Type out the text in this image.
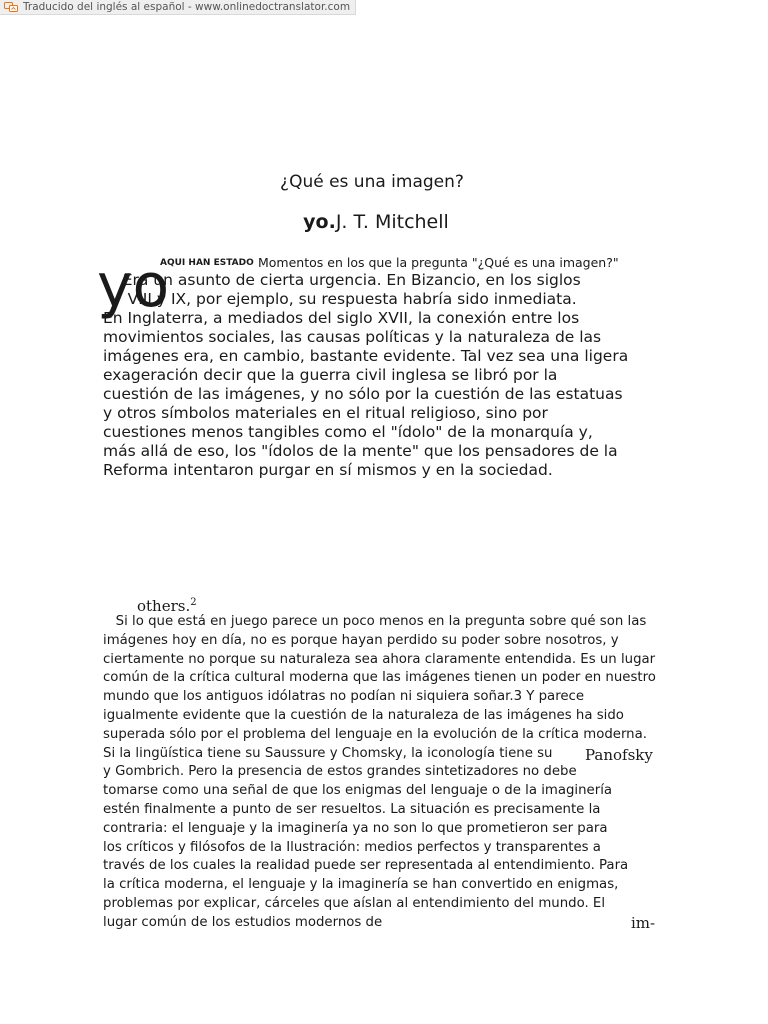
Traducido del inglés al español - www.onlinedoctranslator.com
¿Qué es una imagen?
yo.J. T. Mitchell
yo
AQUI HAN ESTADO Momentos en los que la pregunta "¿Qué es una imagen?"
Era un asunto de cierta urgencia. En Bizancio, en los siglos
VIII y IX, por ejemplo, su respuesta habría sido inmediata.
En Inglaterra, a mediados del siglo XVII, la conexión entre los
movimientos sociales, las causas políticas y la naturaleza de las
imágenes era, en cambio, bastante evidente. Tal vez sea una ligera
exageración decir que la guerra civil inglesa se libró por la
cuestión de las imágenes, y no sólo por la cuestión de las estatuas
y otros símbolos materiales en el ritual religioso, sino por
cuestiones menos tangibles como el "ídolo" de la monarquía y,
más allá de eso, los "ídolos de la mente" que los pensadores de la
Reforma intentaron purgar en sí mismos y en la sociedad.
others.$^2$
Si lo que está en juego parece un poco menos en la pregunta sobre qué son las
imágenes hoy en día, no es porque hayan perdido su poder sobre nosotros, y
ciertamente no porque su naturaleza sea ahora claramente entendida. Es un lugar
común de la crítica cultural moderna que las imágenes tienen un poder en nuestro
mundo que los antiguos idólatras no podían ni siquiera soñar.3 Y parece
igualmente evidente que la cuestión de la naturaleza de las imágenes ha sido
superada sólo por el problema del lenguaje en la evolución de la crítica moderna.
Si la lingüística tiene su Saussure y Chomsky, la iconología tiene su
y Gombrich. Pero la presencia de estos grandes sintetizadores no debe
tomarse como una señal de que los enigmas del lenguaje o de la imaginería
estén finalmente a punto de ser resueltos. La situación es precisamente la
contraria: el lenguaje y la imaginería ya no son lo que prometieron ser para
los críticos y filósofos de la Ilustración: medios perfectos y transparentes a
través de los cuales la realidad puede ser representada al entendimiento. Para
la crítica moderna, el lenguaje y la imaginería se han convertido en enigmas,
problemas por explicar, cárceles que aíslan al entendimiento del mundo. El
lugar común de los estudios modernos de
Panofsky
im-
